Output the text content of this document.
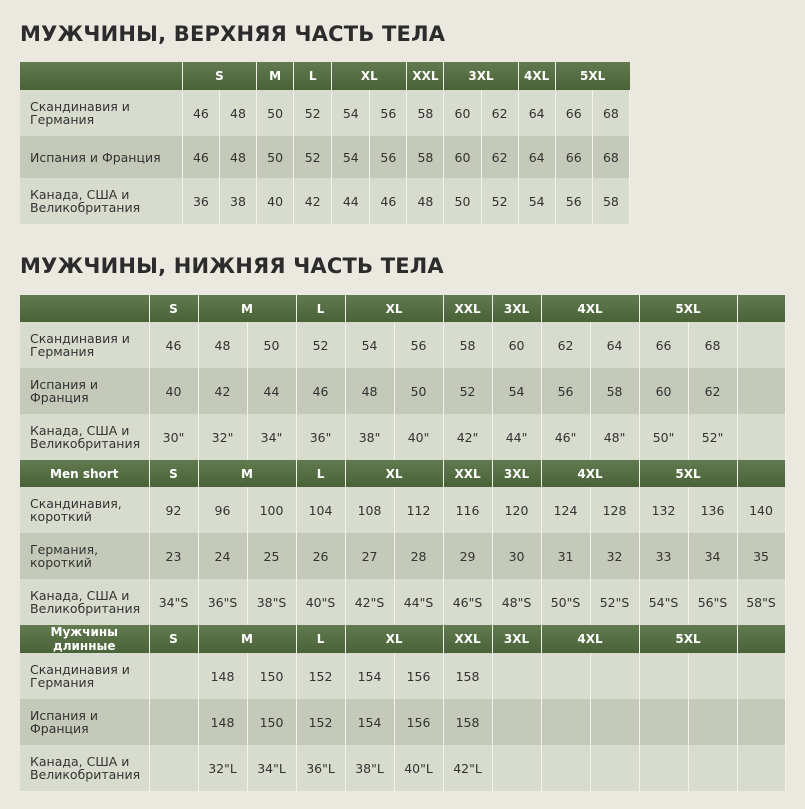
МУЖЧИНЫ, ВЕРХНЯЯ ЧАСТЬ ТЕЛА
	S		M	L	XL		XXL	3XL		4XL	5XL	
Скандинавия и Германия	46	48	50	52	54	56	58	60	62	64	66	68
Испания и Франция	46	48	50	52	54	56	58	60	62	64	66	68
Канада, США и Великобритания	36	38	40	42	44	46	48	50	52	54	56	58
МУЖЧИНЫ, НИЖНЯЯ ЧАСТЬ ТЕЛА
	S	M		L	XL		XXL	3XL	4XL		5XL		
Скандинавия и Германия	46	48	50	52	54	56	58	60	62	64	66	68	
Испания и Франция	40	42	44	46	48	50	52	54	56	58	60	62	
Канада, США и Великобритания	30"	32"	34"	36"	38"	40"	42"	44"	46"	48"	50"	52"	
Men short	S	M		L	XL		XXL	3XL	4XL		5XL		
Скандинавия, короткий	92	96	100	104	108	112	116	120	124	128	132	136	140
Германия, короткий	23	24	25	26	27	28	29	30	31	32	33	34	35
Канада, США и Великобритания	34"S	36"S	38"S	40"S	42"S	44"S	46"S	48"S	50"S	52"S	54"S	56"S	58"S
Мужчины длинные	S	M		L	XL		XXL	3XL	4XL		5XL		
Скандинавия и Германия		148	150	152	154	156	158						
Испания и Франция		148	150	152	154	156	158						
Канада, США и Великобритания		32"L	34"L	36"L	38"L	40"L	42"L						
